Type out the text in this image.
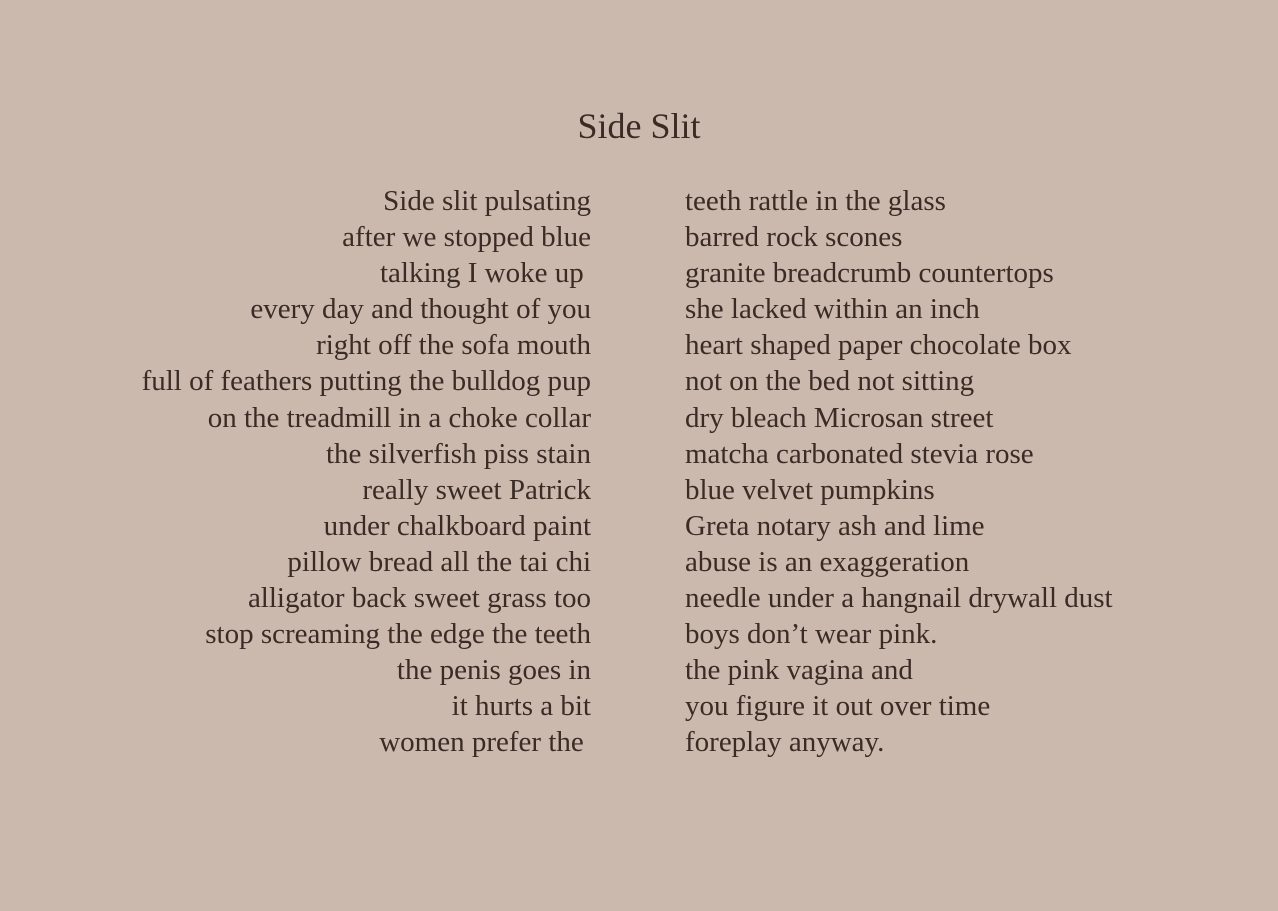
Side Slit
Side slit pulsating
after we stopped blue
talking I woke up
every day and thought of you
right off the sofa mouth
full of feathers putting the bulldog pup
on the treadmill in a choke collar
the silverfish piss stain
really sweet Patrick
under chalkboard paint
pillow bread all the tai chi
alligator back sweet grass too
stop screaming the edge the teeth
the penis goes in
it hurts a bit
women prefer the
teeth rattle in the glass
barred rock scones
granite breadcrumb countertops
she lacked within an inch
heart shaped paper chocolate box
not on the bed not sitting
dry bleach Microsan street
matcha carbonated stevia rose
blue velvet pumpkins
Greta notary ash and lime
abuse is an exaggeration
needle under a hangnail drywall dust
boys don’t wear pink.
the pink vagina and
you figure it out over time
foreplay anyway.
